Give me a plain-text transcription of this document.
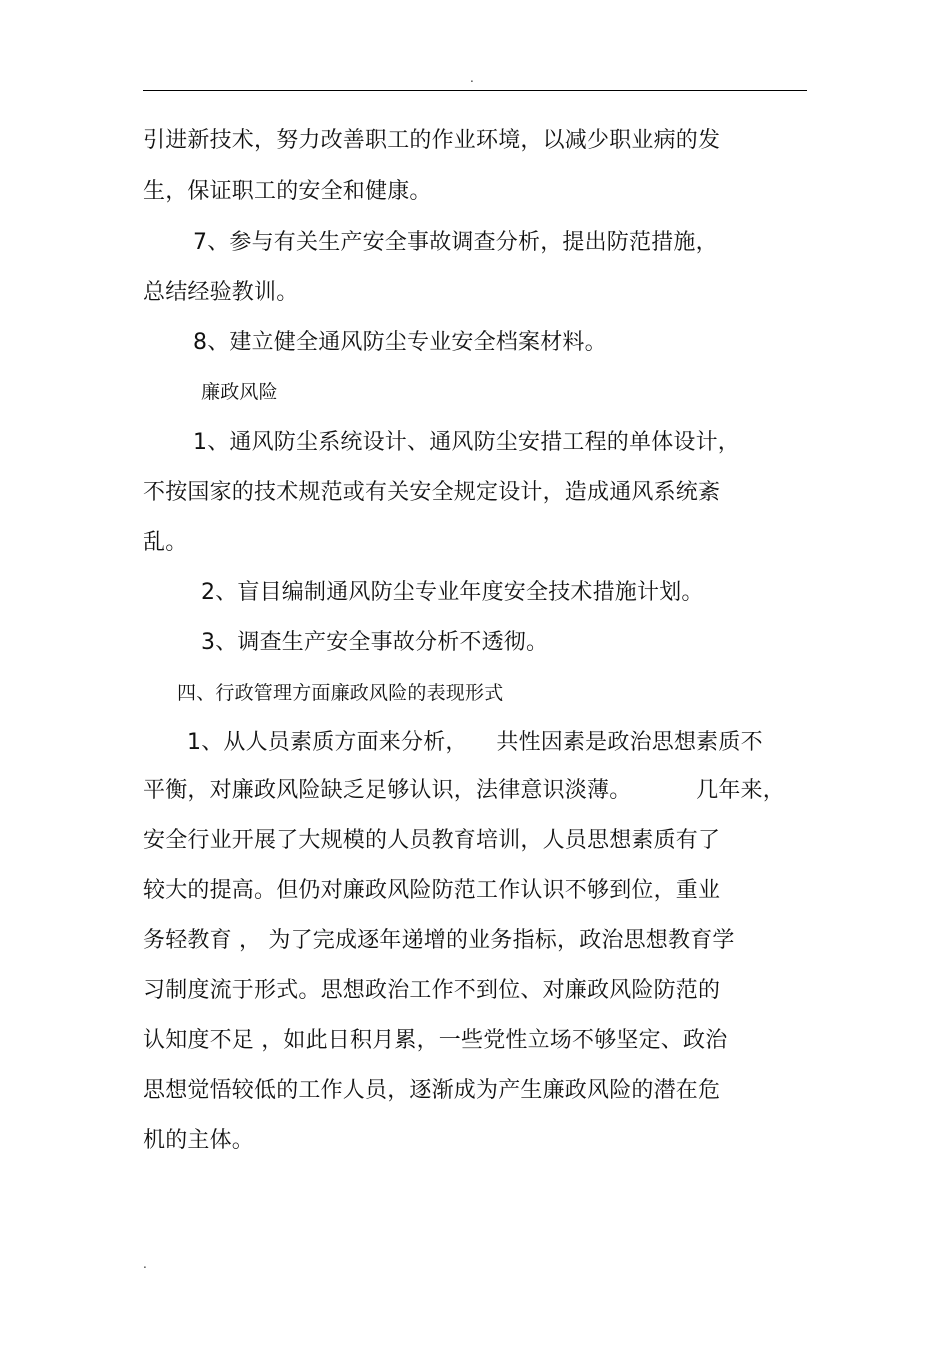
.
引进新技术，努力改善职工的作业环境，以减少职业病的发
生，保证职工的安全和健康。
7、参与有关生产安全事故调查分析，提出防范措施，
总结经验教训。
8、建立健全通风防尘专业安全档案材料。
廉政风险
1、通风防尘系统设计、通风防尘安措工程的单体设计，
不按国家的技术规范或有关安全规定设计，造成通风系统紊
乱。
2、盲目编制通风防尘专业年度安全技术措施计划。
3、调查生产安全事故分析不透彻。
四、行政管理方面廉政风险的表现形式
1、从人员素质方面来分析，    共性因素是政治思想素质不
平衡，对廉政风险缺乏足够认识，法律意识淡薄。         几年来，
安全行业开展了大规模的人员教育培训，人员思想素质有了
较大的提高。但仍对廉政风险防范工作认识不够到位，重业
务轻教育 ， 为了完成逐年递增的业务指标，政治思想教育学
习制度流于形式。思想政治工作不到位、对廉政风险防范的
认知度不足 ，如此日积月累，一些党性立场不够坚定、政治
思想觉悟较低的工作人员，逐渐成为产生廉政风险的潜在危
机的主体。
.
